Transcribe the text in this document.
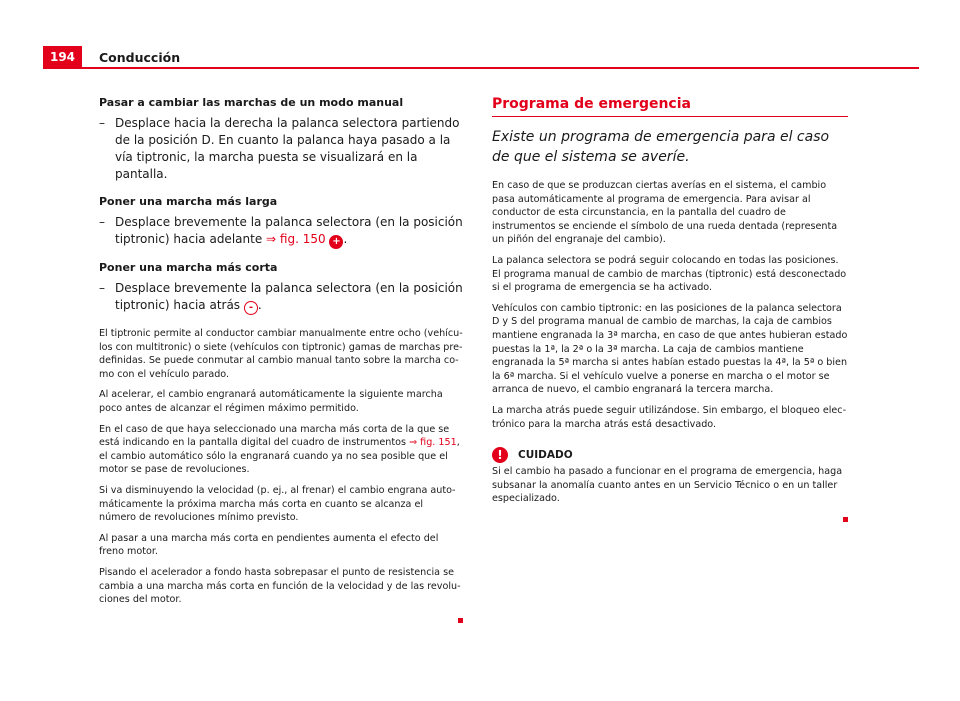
194	Conducción
Pasar a cambiar las marchas de un modo manual
– Desplace hacia la derecha la palanca selectora partiendo de la posición D. En cuanto la palanca haya pasado a la vía tiptronic, la marcha puesta se visualizará en la pantalla.
Poner una marcha más larga
– Desplace brevemente la palanca selectora (en la posición tiptronic) hacia adelante ⇒ fig. 150 + .
Poner una marcha más corta
– Desplace brevemente la palanca selectora (en la posición tiptronic) hacia atrás - .

El tiptronic permite al conductor cambiar manualmente entre ocho (vehículos con multitronic) o siete (vehículos con tiptronic) gamas de marchas predefinidas. Se puede conmutar al cambio manual tanto sobre la marcha como con el vehículo parado.

Al acelerar, el cambio engranará automáticamente la siguiente marcha poco antes de alcanzar el régimen máximo permitido.

En el caso de que haya seleccionado una marcha más corta de la que se está indicando en la pantalla digital del cuadro de instrumentos ⇒ fig. 151, el cambio automático sólo la engranará cuando ya no sea posible que el motor se pase de revoluciones.

Si va disminuyendo la velocidad (p. ej., al frenar) el cambio engrana automáticamente la próxima marcha más corta en cuanto se alcanza el número de revoluciones mínimo previsto.

Al pasar a una marcha más corta en pendientes aumenta el efecto del freno motor.

Pisando el acelerador a fondo hasta sobrepasar el punto de resistencia se cambia a una marcha más corta en función de la velocidad y de las revoluciones del motor.

Programa de emergencia
Existe un programa de emergencia para el caso de que el sistema se averíe.

En caso de que se produzcan ciertas averías en el sistema, el cambio pasa automáticamente al programa de emergencia. Para avisar al conductor de esta circunstancia, en la pantalla del cuadro de instrumentos se enciende el símbolo de una rueda dentada (representa un piñón del engranaje del cambio).

La palanca selectora se podrá seguir colocando en todas las posiciones. El programa manual de cambio de marchas (tiptronic) está desconectado si el programa de emergencia se ha activado.

Vehículos con cambio tiptronic: en las posiciones de la palanca selectora D y S del programa manual de cambio de marchas, la caja de cambios mantiene engranada la 3ª marcha, en caso de que antes hubieran estado puestas la 1ª, la 2ª o la 3ª marcha. La caja de cambios mantiene engranada la 5ª marcha si antes habían estado puestas la 4ª, la 5ª o bien la 6ª marcha. Si el vehículo vuelve a ponerse en marcha o el motor se arranca de nuevo, el cambio engranará la tercera marcha.

La marcha atrás puede seguir utilizándose. Sin embargo, el bloqueo electrónico para la marcha atrás está desactivado.

!	CUIDADO

Si el cambio ha pasado a funcionar en el programa de emergencia, haga subsanar la anomalía cuanto antes en un Servicio Técnico o en un taller especializado.
